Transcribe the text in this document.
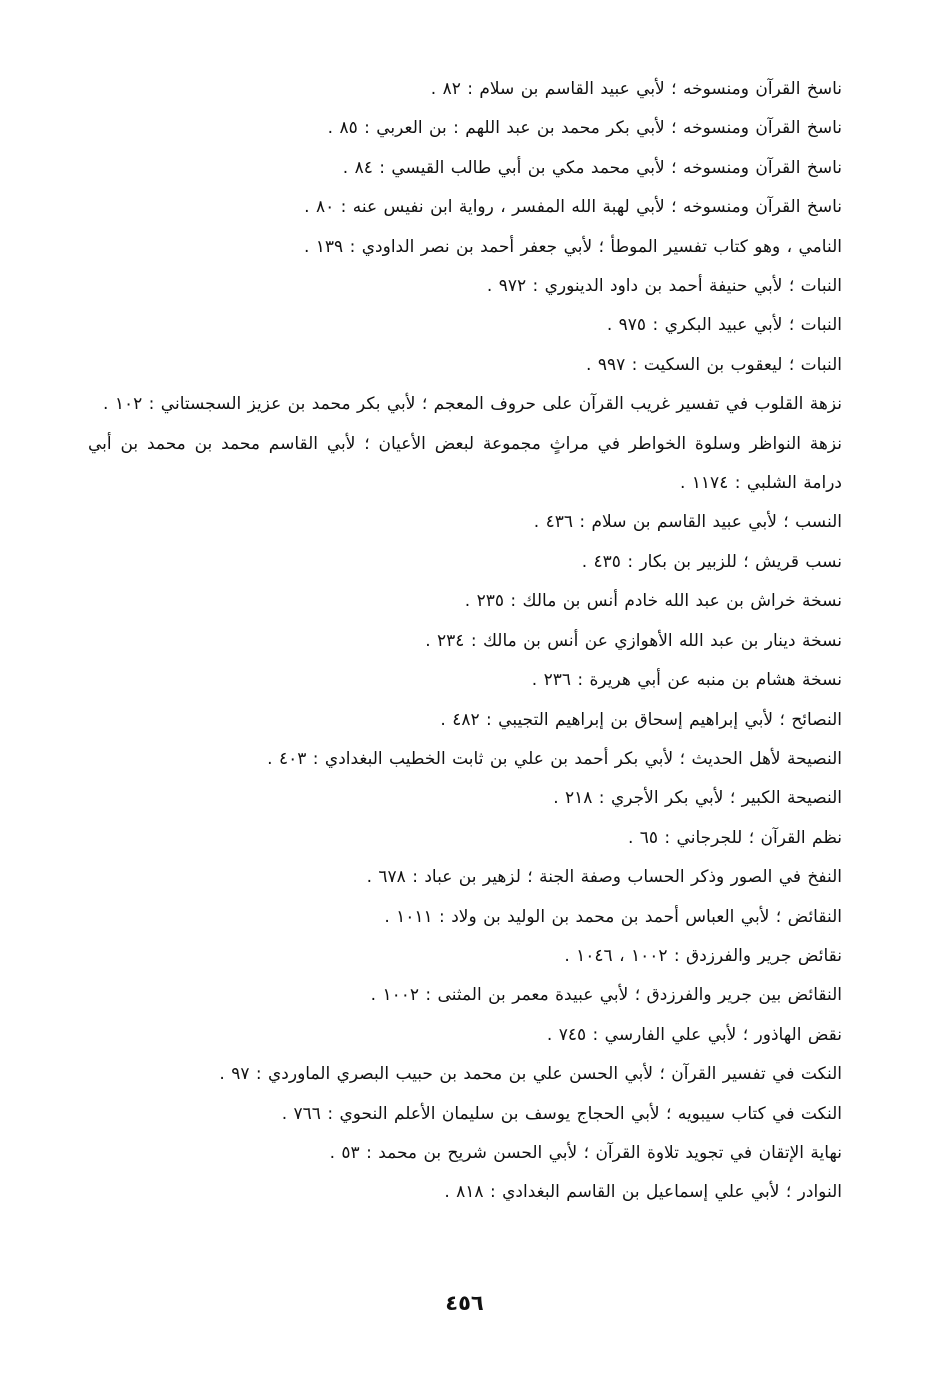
ناسخ القرآن ومنسوخه ؛ لأبي عبيد القاسم بن سلام : ٨٢ .
ناسخ القرآن ومنسوخه ؛ لأبي بكر محمد بن عبد اللهم : بن العربي : ٨٥ .
ناسخ القرآن ومنسوخه ؛ لأبي محمد مكي بن أبي طالب القيسي : ٨٤ .
ناسخ القرآن ومنسوخه ؛ لأبي لهبة الله المفسر ، رواية ابن نفيس عنه : ٨٠ .
النامي ، وهو كتاب تفسير الموطأ ؛ لأبي جعفر أحمد بن نصر الداودي : ١٣٩ .
النبات ؛ لأبي حنيفة أحمد بن داود الدينوري : ٩٧٢ .
النبات ؛ لأبي عبيد البكري : ٩٧٥ .
النبات ؛ ليعقوب بن السكيت : ٩٩٧ .
نزهة القلوب في تفسير غريب القرآن على حروف المعجم ؛ لأبي بكر محمد بن عزيز السجستاني : ١٠٢ .
نزهة النواظر وسلوة الخواطر في مراثٍ مجموعة لبعض الأعيان ؛ لأبي القاسم محمد بن محمد بن أبي درامة الشلبي : ١١٧٤ .
النسب ؛ لأبي عبيد القاسم بن سلام : ٤٣٦ .
نسب قريش ؛ للزبير بن بكار : ٤٣٥ .
نسخة خراش بن عبد الله خادم أنس بن مالك : ٢٣٥ .
نسخة دينار بن عبد الله الأهوازي عن أنس بن مالك : ٢٣٤ .
نسخة هشام بن منبه عن أبي هريرة : ٢٣٦ .
النصائح ؛ لأبي إبراهيم إسحاق بن إبراهيم التجيبي : ٤٨٢ .
النصيحة لأهل الحديث ؛ لأبي بكر أحمد بن علي بن ثابت الخطيب البغدادي : ٤٠٣ .
النصيحة الكبير ؛ لأبي بكر الأجري : ٢١٨ .
نظم القرآن ؛ للجرجاني : ٦٥ .
النفخ في الصور وذكر الحساب وصفة الجنة ؛ لزهير بن عباد : ٦٧٨ .
النقائض ؛ لأبي العباس أحمد بن محمد بن الوليد بن ولاد : ١٠١١ .
نقائض جرير والفرزدق : ١٠٠٢ ، ١٠٤٦ .
النقائض بين جرير والفرزدق ؛ لأبي عبيدة معمر بن المثنى : ١٠٠٢ .
نقض الهاذور ؛ لأبي علي الفارسي : ٧٤٥ .
النكت في تفسير القرآن ؛ لأبي الحسن علي بن محمد بن حبيب البصري الماوردي : ٩٧ .
النكت في كتاب سيبويه ؛ لأبي الحجاج يوسف بن سليمان الأعلم النحوي : ٧٦٦ .
نهاية الإتقان في تجويد تلاوة القرآن ؛ لأبي الحسن شريح بن محمد : ٥٣ .
النوادر ؛ لأبي علي إسماعيل بن القاسم البغدادي : ٨١٨ .
٤٥٦
